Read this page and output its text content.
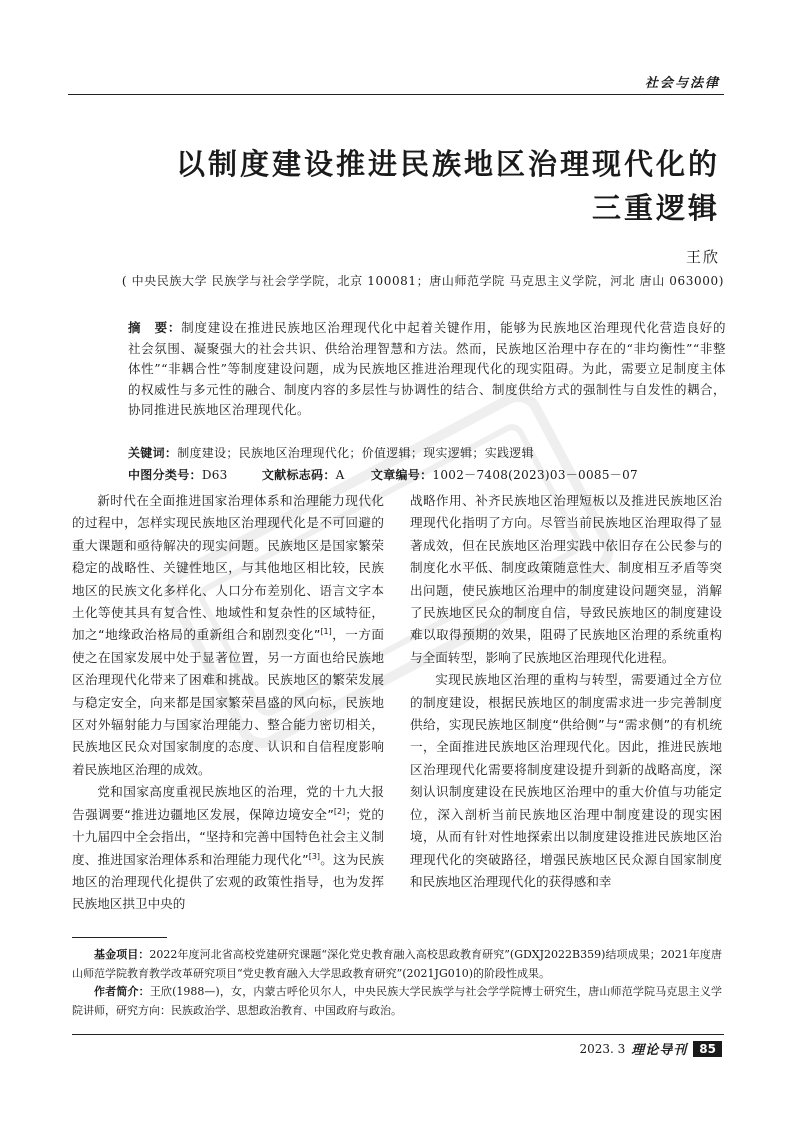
社会与法律
以制度建设推进民族地区治理现代化的
三重逻辑
王欣
( 中央民族大学 民族学与社会学学院，北京 100081；唐山师范学院 马克思主义学院，河北 唐山 063000)
摘　要：制度建设在推进民族地区治理现代化中起着关键作用，能够为民族地区治理现代化营造良好的社会氛围、凝聚强大的社会共识、供给治理智慧和方法。然而，民族地区治理中存在的“非均衡性”“非整体性”“非耦合性”等制度建设问题，成为民族地区推进治理现代化的现实阻碍。为此，需要立足制度主体的权威性与多元性的融合、制度内容的多层性与协调性的结合、制度供给方式的强制性与自发性的耦合，协同推进民族地区治理现代化。
关键词：制度建设；民族地区治理现代化；价值逻辑；现实逻辑；实践逻辑
中图分类号：D63	文献标志码：A 文章编号：1002－7408(2023)03－0085－07

新时代在全面推进国家治理体系和治理能力现代化的过程中，怎样实现民族地区治理现代化是不可回避的重大课题和亟待解决的现实问题。民族地区是国家繁荣稳定的战略性、关键性地区，与其他地区相比较，民族地区的民族文化多样化、人口分布差别化、语言文字本土化等使其具有复合性、地域性和复杂性的区域特征，加之“地缘政治格局的重新组合和剧烈变化”[1]，一方面使之在国家发展中处于显著位置，另一方面也给民族地区治理现代化带来了困难和挑战。民族地区的繁荣发展与稳定安全，向来都是国家繁荣昌盛的风向标，民族地区对外辐射能力与国家治理能力、整合能力密切相关，民族地区民众对国家制度的态度、认识和自信程度影响着民族地区治理的成效。

党和国家高度重视民族地区的治理，党的十九大报告强调要“推进边疆地区发展，保障边境安全”[2]；党的十九届四中全会指出，“坚持和完善中国特色社会主义制度、推进国家治理体系和治理能力现代化”[3]。这为民族地区的治理现代化提供了宏观的政策性指导，也为发挥民族地区拱卫中央的

战略作用、补齐民族地区治理短板以及推进民族地区治理现代化指明了方向。尽管当前民族地区治理取得了显著成效，但在民族地区治理实践中依旧存在公民参与的制度化水平低、制度政策随意性大、制度相互矛盾等突出问题，使民族地区治理中的制度建设问题突显，消解了民族地区民众的制度自信，导致民族地区的制度建设难以取得预期的效果，阻碍了民族地区治理的系统重构与全面转型，影响了民族地区治理现代化进程。

实现民族地区治理的重构与转型，需要通过全方位的制度建设，根据民族地区的制度需求进一步完善制度供给，实现民族地区制度“供给侧”与“需求侧”的有机统一，全面推进民族地区治理现代化。因此，推进民族地区治理现代化需要将制度建设提升到新的战略高度，深刻认识制度建设在民族地区治理中的重大价值与功能定位，深入剖析当前民族地区治理中制度建设的现实困境，从而有针对性地探索出以制度建设推进民族地区治理现代化的突破路径，增强民族地区民众源自国家制度和民族地区治理现代化的获得感和幸

基金项目：2022年度河北省高校党建研究课题“深化党史教育融入高校思政教育研究”(GDXJ2022B359)结项成果；2021年度唐山师范学院教育教学改革研究项目“党史教育融入大学思政教育研究”(2021JG010)的阶段性成果。

作者简介：王欣(1988—)，女，内蒙古呼伦贝尔人，中央民族大学民族学与社会学学院博士研究生，唐山师范学院马克思主义学院讲师，研究方向：民族政治学、思想政治教育、中国政府与政治。

2023. 3 理论导刊	85
